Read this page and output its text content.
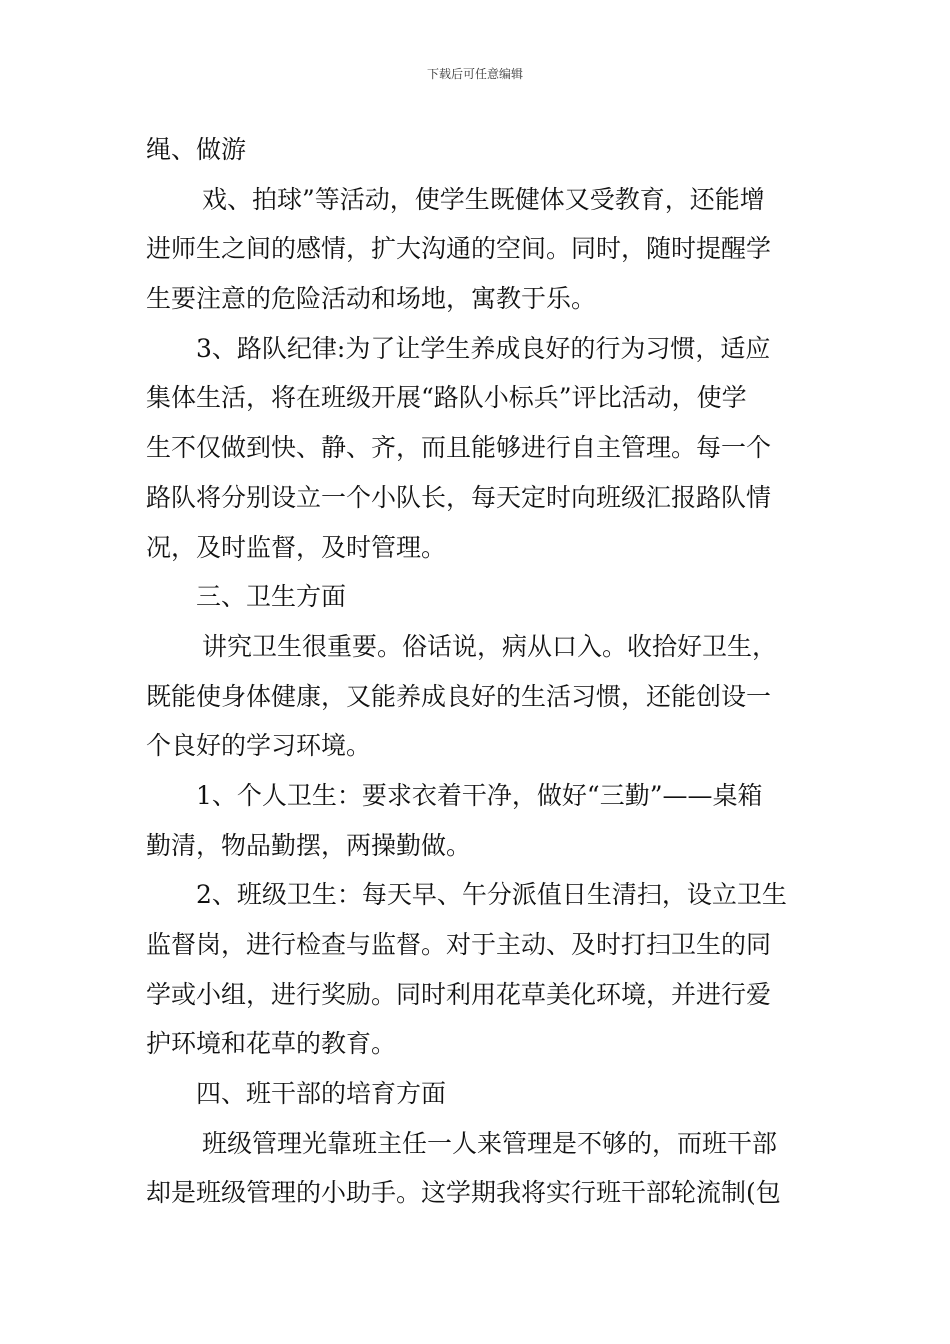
下载后可任意编辑
绳、做游
戏、拍球”等活动，使学生既健体又受教育，还能增
进师生之间的感情，扩大沟通的空间。同时，随时提醒学
生要注意的危险活动和场地，寓教于乐。
3、路队纪律:为了让学生养成良好的行为习惯，适应
集体生活，将在班级开展“路队小标兵”评比活动，使学
生不仅做到快、静、齐，而且能够进行自主管理。每一个
路队将分别设立一个小队长，每天定时向班级汇报路队情
况，及时监督，及时管理。
三、卫生方面
讲究卫生很重要。俗话说，病从口入。收拾好卫生，
既能使身体健康，又能养成良好的生活习惯，还能创设一
个良好的学习环境。
1、个人卫生：要求衣着干净，做好“三勤”——桌箱
勤清，物品勤摆，两操勤做。
2、班级卫生：每天早、午分派值日生清扫，设立卫生
监督岗，进行检查与监督。对于主动、及时打扫卫生的同
学或小组，进行奖励。同时利用花草美化环境，并进行爱
护环境和花草的教育。
四、班干部的培育方面
班级管理光靠班主任一人来管理是不够的，而班干部
却是班级管理的小助手。这学期我将实行班干部轮流制(包
